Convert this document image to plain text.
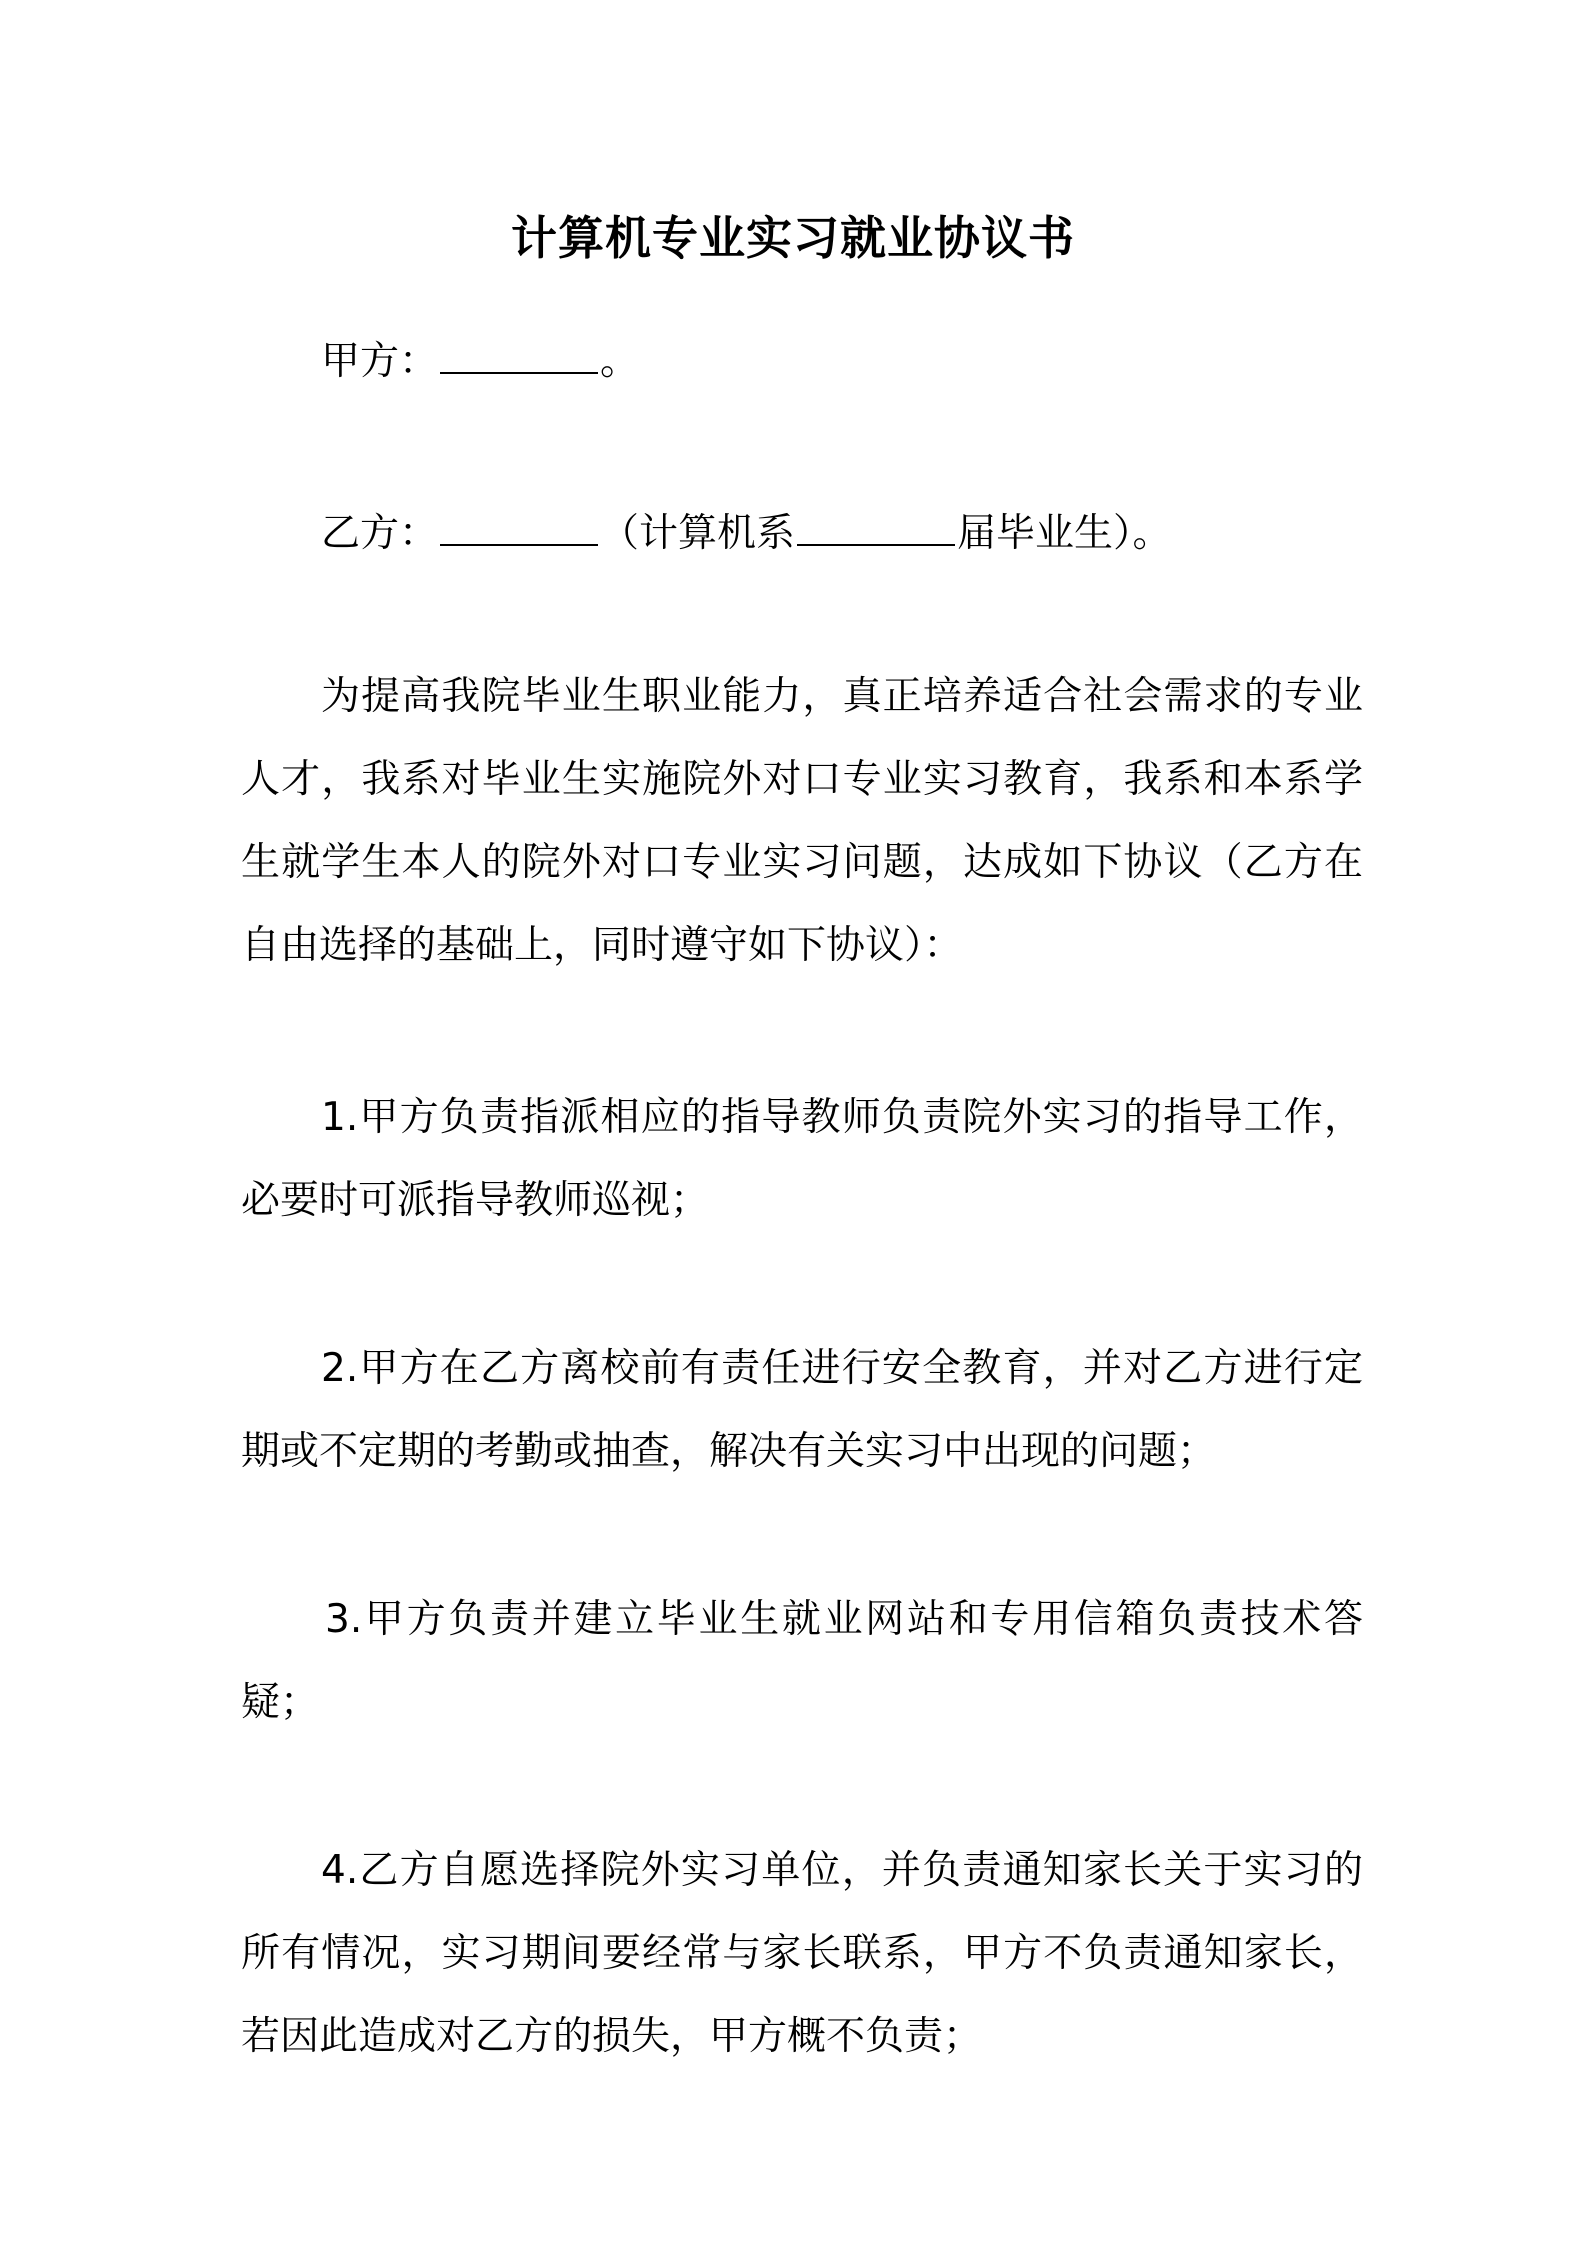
计算机专业实习就业协议书
甲方：	。
乙方：	（计算机系	届毕业生）。
为提高我院毕业生职业能力，真正培养适合社会需求的专业人才，我系对毕业生实施院外对口专业实习教育，我系和本系学生就学生本人的院外对口专业实习问题，达成如下协议（乙方在自由选择的基础上，同时遵守如下协议）：
1.甲方负责指派相应的指导教师负责院外实习的指导工作，必要时可派指导教师巡视；
2.甲方在乙方离校前有责任进行安全教育，并对乙方进行定期或不定期的考勤或抽查，解决有关实习中出现的问题；
3.甲方负责并建立毕业生就业网站和专用信箱负责技术答疑；
4.乙方自愿选择院外实习单位，并负责通知家长关于实习的所有情况，实习期间要经常与家长联系，甲方不负责通知家长，若因此造成对乙方的损失，甲方概不负责；
